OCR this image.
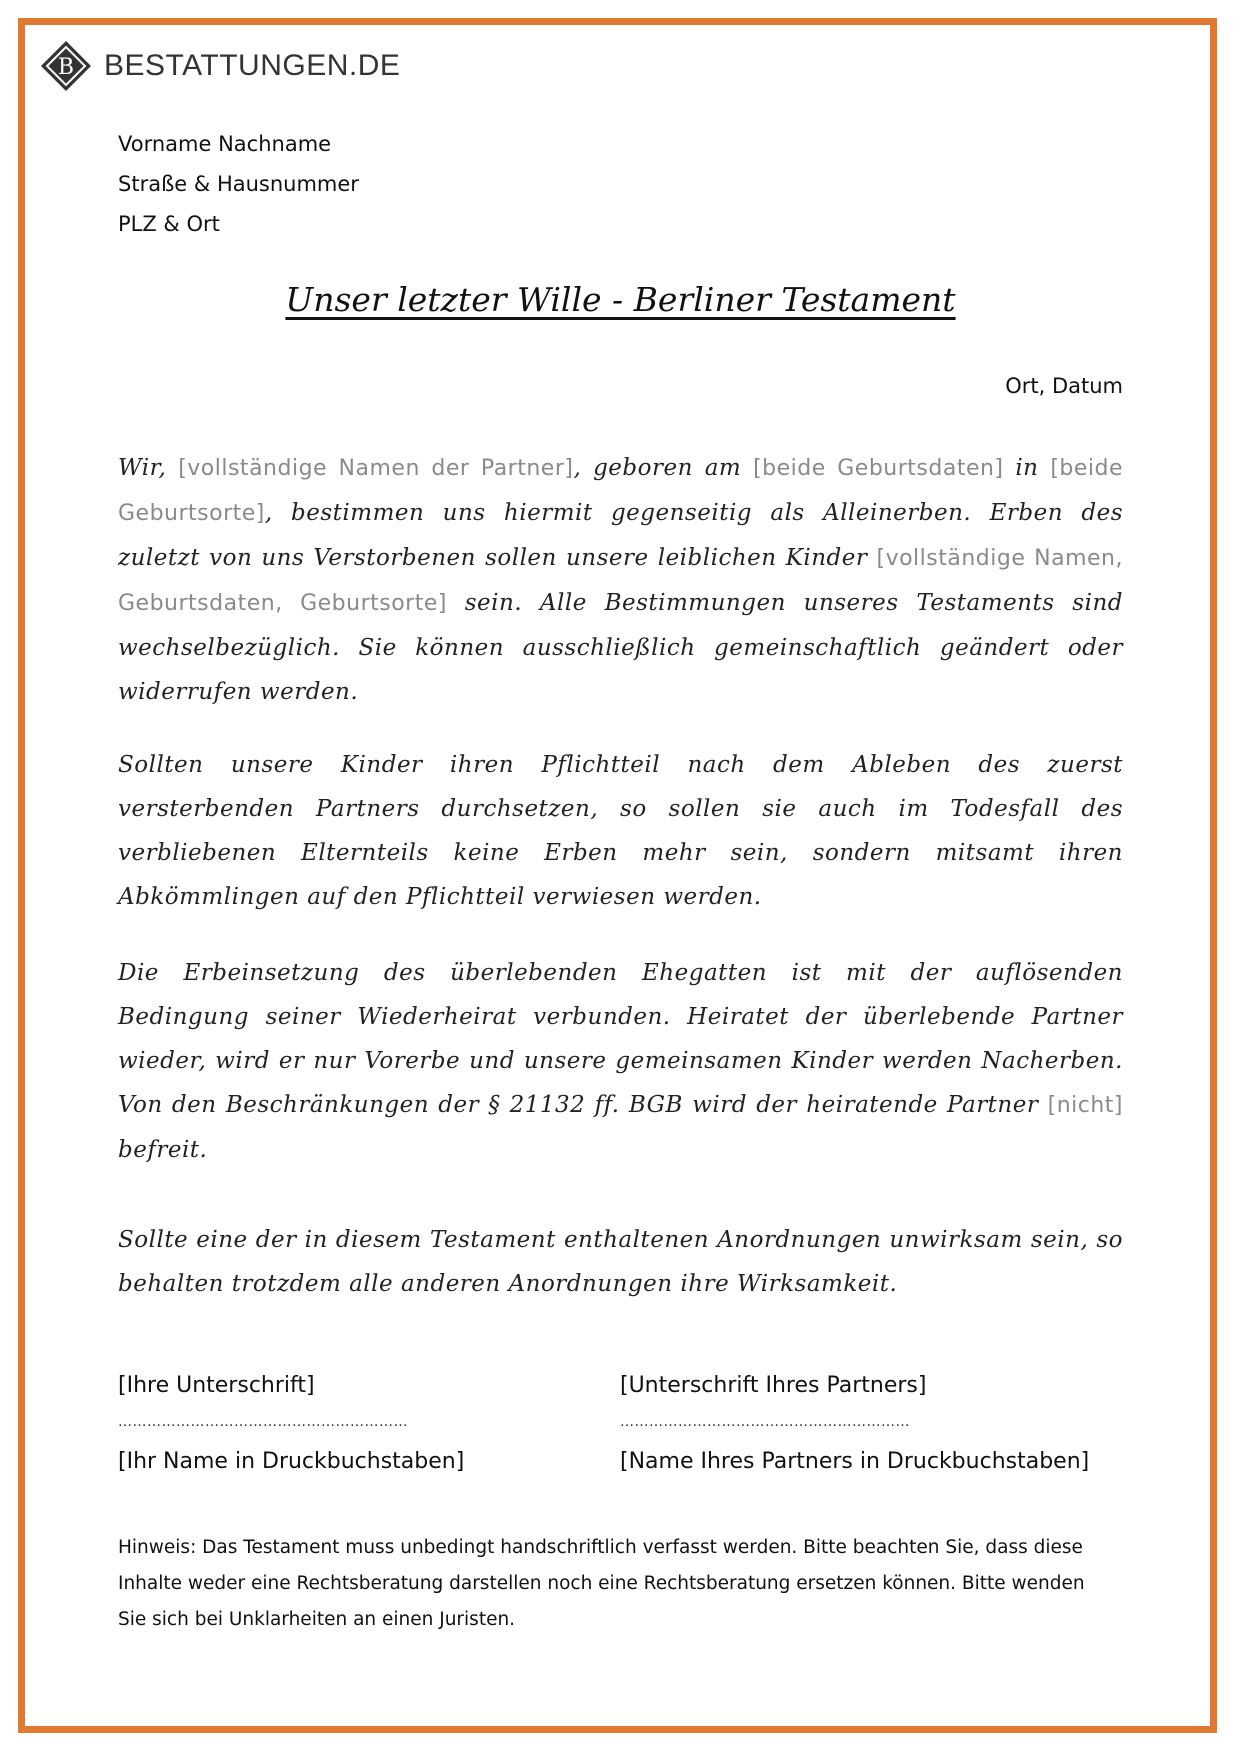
B BESTATTUNGEN.DE
Vorname Nachname
Straße & Hausnummer
PLZ & Ort
Unser letzter Wille - Berliner Testament
Ort, Datum
Wir, [vollständige Namen der Partner], geboren am [beide Geburtsdaten] in [beide Geburtsorte], bestimmen uns hiermit gegenseitig als Alleinerben. Erben des zuletzt von uns Verstorbenen sollen unsere leiblichen Kinder [vollständige Namen, Geburtsdaten, Geburtsorte] sein. Alle Bestimmungen unseres Testaments sind wechselbezüglich. Sie können ausschließlich gemeinschaftlich geändert oder widerrufen werden.
Sollten unsere Kinder ihren Pflichtteil nach dem Ableben des zuerst versterbenden Partners durchsetzen, so sollen sie auch im Todesfall des verbliebenen Elternteils keine Erben mehr sein, sondern mitsamt ihren Abkömmlingen auf den Pflichtteil verwiesen werden.
Die Erbeinsetzung des überlebenden Ehegatten ist mit der auflösenden Bedingung seiner Wiederheirat verbunden. Heiratet der überlebende Partner wieder, wird er nur Vorerbe und unsere gemeinsamen Kinder werden Nacherben. Von den Beschränkungen der § 21132 ff. BGB wird der heiratende Partner [nicht] befreit.
Sollte eine der in diesem Testament enthaltenen Anordnungen unwirksam sein, so behalten trotzdem alle anderen Anordnungen ihre Wirksamkeit.
[Ihre Unterschrift]	[Unterschrift Ihres Partners]
……………………………………………………	……………………………………………………
[Ihr Name in Druckbuchstaben]	[Name Ihres Partners in Druckbuchstaben]
Hinweis: Das Testament muss unbedingt handschriftlich verfasst werden. Bitte beachten Sie, dass diese Inhalte weder eine Rechtsberatung darstellen noch eine Rechtsberatung ersetzen können. Bitte wenden Sie sich bei Unklarheiten an einen Juristen.
